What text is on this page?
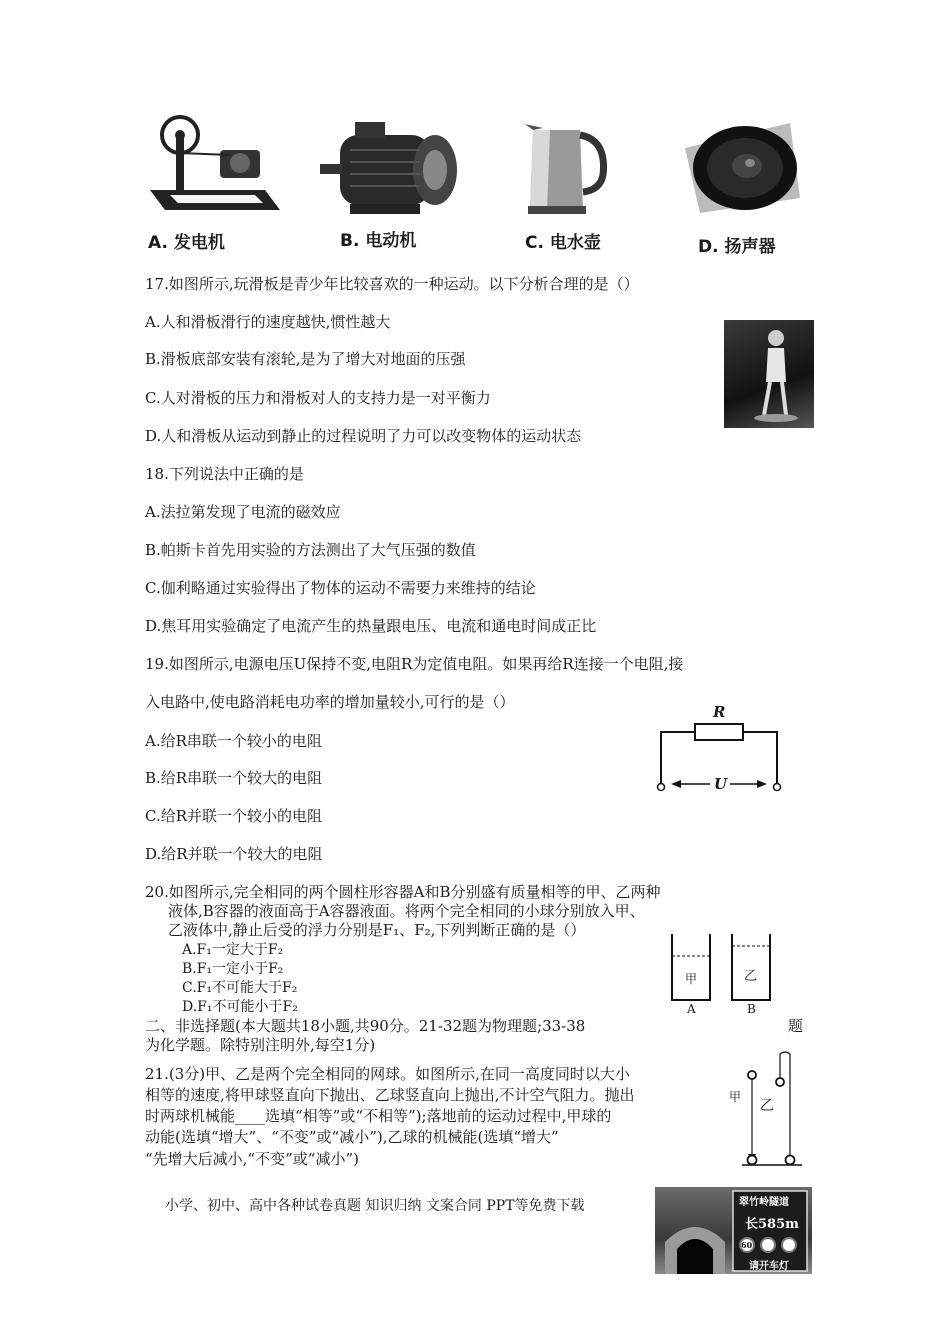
A. 发电机	B. 电动机	C. 电水壶	D. 扬声器
17.如图所示,玩滑板是青少年比较喜欢的一种运动。以下分析合理的是（）
A.人和滑板滑行的速度越快,惯性越大
B.滑板底部安装有滚轮,是为了增大对地面的压强
C.人对滑板的压力和滑板对人的支持力是一对平衡力
D.人和滑板从运动到静止的过程说明了力可以改变物体的运动状态
18.下列说法中正确的是
A.法拉第发现了电流的磁效应
B.帕斯卡首先用实验的方法测出了大气压强的数值
C.伽利略通过实验得出了物体的运动不需要力来维持的结论
D.焦耳用实验确定了电流产生的热量跟电压、电流和通电时间成正比
19.如图所示,电源电压U保持不变,电阻R为定值电阻。如果再给R连接一个电阻,接
入电路中,使电路消耗电功率的增加量较小,可行的是（）
A.给R串联一个较小的电阻
B.给R串联一个较大的电阻
C.给R并联一个较小的电阻
D.给R并联一个较大的电阻
R
U
20.如图所示,完全相同的两个圆柱形容器A和B分别盛有质量相等的甲、乙两种
液体,B容器的液面高于A容器液面。将两个完全相同的小球分别放入甲、
乙液体中,静止后受的浮力分别是F₁、F₂,下列判断正确的是（）
A.F₁一定大于F₂
B.F₁一定小于F₂
C.F₁不可能大于F₂
D.F₁不可能小于F₂
甲	乙
A	B
二、非选择题(本大题共18小题,共90分。21-32题为物理题;33-38	题
为化学题。除特别注明外,每空1分)
21.(3分)甲、乙是两个完全相同的网球。如图所示,在同一高度同时以大小
相等的速度,将甲球竖直向下抛出、乙球竖直向上抛出,不计空气阻力。抛出
时两球机械能____选填“相等”或“不相等”);落地前的运动过程中,甲球的
动能(选填“增大”、“不变”或“减小”),乙球的机械能(选填“增大”
“先增大后减小,“不变”或“减小”)
甲
乙
小学、初中、高中各种试卷真题 知识归纳 文案合同 PPT等免费下载	翠竹岭隧道
长585m
60
请开车灯
